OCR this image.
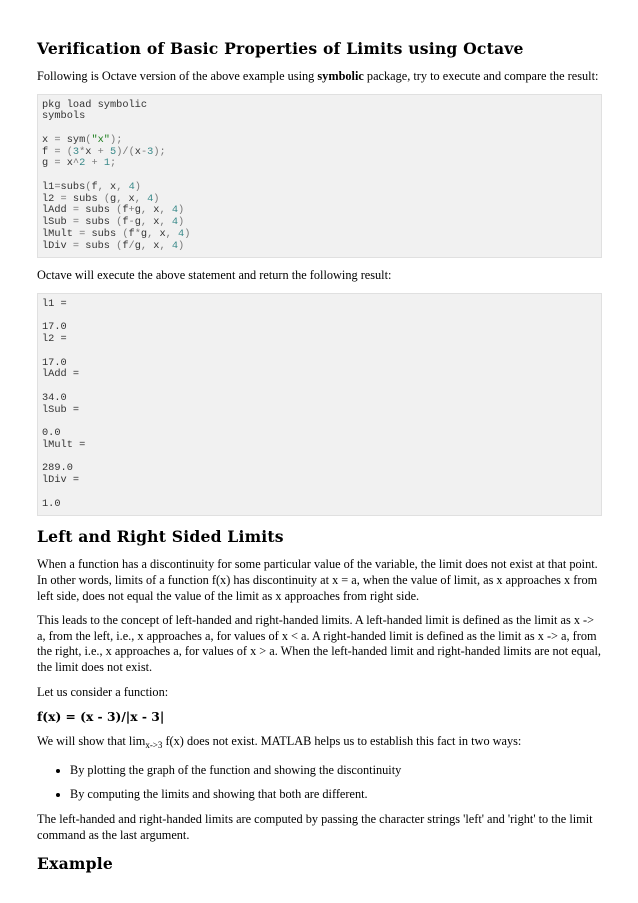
Verification of Basic Properties of Limits using Octave

Following is Octave version of the above example using symbolic package, try to execute and compare the result:

pkg load symbolic
symbols

x = sym("x");
f = (3*x + 5)/(x-3);
g = x^2 + 1;

l1=subs(f, x, 4)
l2 = subs (g, x, 4)
lAdd = subs (f+g, x, 4)
lSub = subs (f-g, x, 4)
lMult = subs (f*g, x, 4)
lDiv = subs (f/g, x, 4)

Octave will execute the above statement and return the following result:

l1 =

17.0
l2 =

17.0
lAdd =

34.0
lSub =

0.0
lMult =

289.0
lDiv =

1.0
Left and Right Sided Limits

When a function has a discontinuity for some particular value of the variable, the limit does not exist at that point. In other words, limits of a function f(x) has discontinuity at x = a, when the value of limit, as x approaches x from left side, does not equal the value of the limit as x approaches from right side.

This leads to the concept of left-handed and right-handed limits. A left-handed limit is defined as the limit as x -> a, from the left, i.e., x approaches a, for values of x < a. A right-handed limit is defined as the limit as x -> a, from the right, i.e., x approaches a, for values of x > a. When the left-handed limit and right-handed limits are not equal, the limit does not exist.

Let us consider a function:

f(x) = (x - 3)/|x - 3|

We will show that $\lim_{x->3} f(x)$ does not exist. MATLAB helps us to establish this fact in two ways:

• By plotting the graph of the function and showing the discontinuity
• By computing the limits and showing that both are different.

The left-handed and right-handed limits are computed by passing the character strings 'left' and 'right' to the limit command as the last argument.

Example
